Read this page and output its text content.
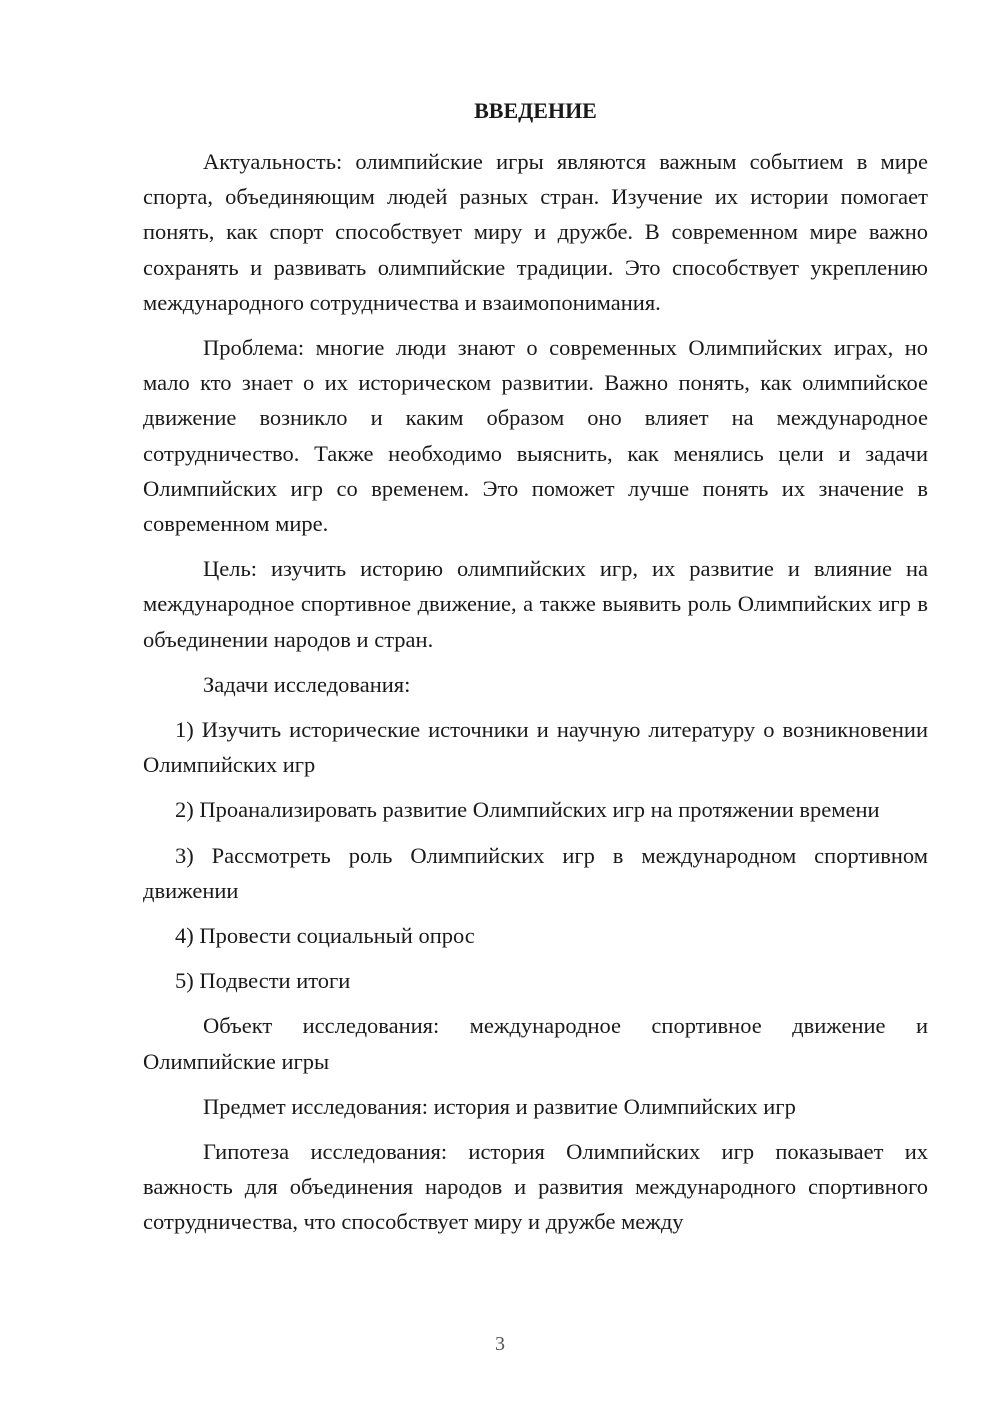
ВВЕДЕНИЕ

Актуальность: олимпийские игры являются важным событием в мире спорта, объединяющим людей разных стран. Изучение их истории помогает понять, как спорт способствует миру и дружбе. В современном мире важно сохранять и развивать олимпийские традиции. Это способствует укреплению международного сотрудничества и взаимопонимания.

Проблема: многие люди знают о современных Олимпийских играх, но мало кто знает о их историческом развитии. Важно понять, как олимпийское движение возникло и каким образом оно влияет на международное сотрудничество. Также необходимо выяснить, как менялись цели и задачи Олимпийских игр со временем. Это поможет лучше понять их значение в современном мире.

Цель: изучить историю олимпийских игр, их развитие и влияние на международное спортивное движение, а также выявить роль Олимпийских игр в объединении народов и стран.

Задачи исследования:

1) Изучить исторические источники и научную литературу о возникновении Олимпийских игр

2) Проанализировать развитие Олимпийских игр на протяжении времени

3) Рассмотреть роль Олимпийских игр в международном спортивном движении

4) Провести социальный опрос

5) Подвести итоги

Объект исследования: международное спортивное движение и Олимпийские игры

Предмет исследования: история и развитие Олимпийских игр

Гипотеза исследования: история Олимпийских игр показывает их важность для объединения народов и развития международного спортивного сотрудничества, что способствует миру и дружбе между

3
